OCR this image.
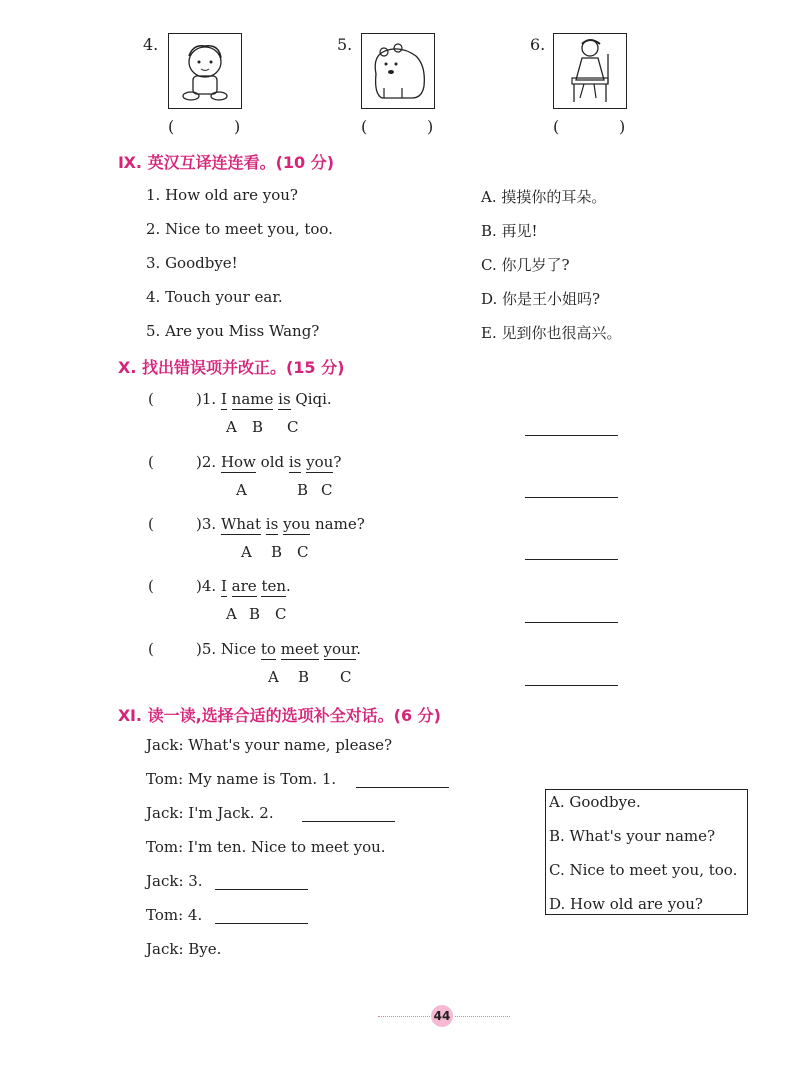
4.
(	)
5.
(	)
6.
(	)
Ⅸ. 英汉互译连连看。(10 分)
1. How old are you?
2. Nice to meet you, too.
3. Goodbye!
4. Touch your ear.
5. Are you Miss Wang?
A. 摸摸你的耳朵。
B. 再见!
C. 你几岁了?
D. 你是王小姐吗?
E. 见到你也很高兴。
Ⅹ. 找出错误项并改正。(15 分)
(	)1. I name is Qiqi.
A B C
(	)2. How old is you?
A	B C
(	)3. What is you name?
A B C
(	)4. I are ten.
A B C
(	)5. Nice to meet your.
A B C
Ⅺ. 读一读,选择合适的选项补全对话。(6 分)
Jack: What's your name, please?
Tom: My name is Tom. 1.
Jack: I'm Jack. 2.
Tom: I'm ten. Nice to meet you.
Jack: 3.
Tom: 4.
Jack: Bye.
A. Goodbye.
B. What's your name?
C. Nice to meet you, too.
D. How old are you?
44
